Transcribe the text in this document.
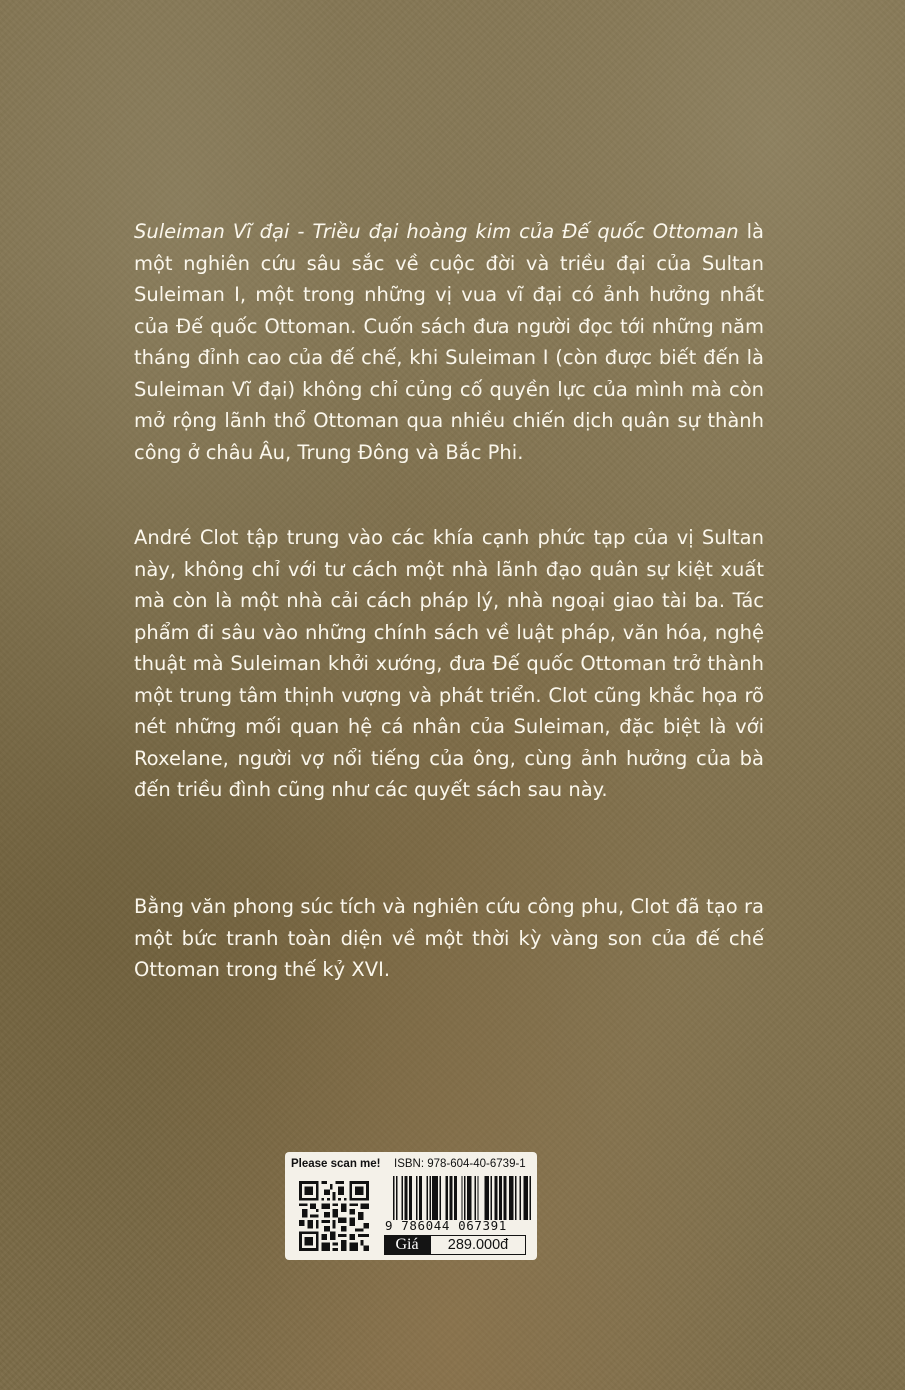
Suleiman Vĩ đại - Triều đại hoàng kim của Đế quốc Ottoman là một nghiên cứu sâu sắc về cuộc đời và triều đại của Sultan Suleiman I, một trong những vị vua vĩ đại có ảnh hưởng nhất của Đế quốc Ottoman. Cuốn sách đưa người đọc tới những năm tháng đỉnh cao của đế chế, khi Suleiman I (còn được biết đến là Suleiman Vĩ đại) không chỉ củng cố quyền lực của mình mà còn mở rộng lãnh thổ Ottoman qua nhiều chiến dịch quân sự thành công ở châu Âu, Trung Đông và Bắc Phi.

André Clot tập trung vào các khía cạnh phức tạp của vị Sultan này, không chỉ với tư cách một nhà lãnh đạo quân sự kiệt xuất mà còn là một nhà cải cách pháp lý, nhà ngoại giao tài ba. Tác phẩm đi sâu vào những chính sách về luật pháp, văn hóa, nghệ thuật mà Suleiman khởi xướng, đưa Đế quốc Ottoman trở thành một trung tâm thịnh vượng và phát triển. Clot cũng khắc họa rõ nét những mối quan hệ cá nhân của Suleiman, đặc biệt là với Roxelane, người vợ nổi tiếng của ông, cùng ảnh hưởng của bà đến triều đình cũng như các quyết sách sau này.

Bằng văn phong súc tích và nghiên cứu công phu, Clot đã tạo ra một bức tranh toàn diện về một thời kỳ vàng son của đế chế Ottoman trong thế kỷ XVI.

Please scan me! ISBN: 978-604-40-6739-1
9 786044 067391
Giá	289.000đ
